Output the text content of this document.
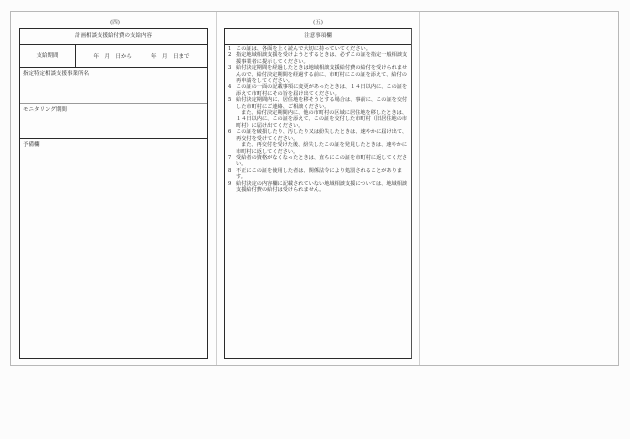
(四)	(五)
計画相談支援給付費の支給内容
支給期間	年　月　日から	年　月　日まで
指定特定相談支援事業所名
モニタリング期間
予備欄
注意事項欄
1 この証は、各面を上く読んで大切に持っていてください。
2 指定地域相談支援を受けようとするときは、必ずこの証を指定一般相談支援事業者に提示してください。
3 給付決定期間を経過したときは地域相談支援給付費の給付を受けられませんので、給付決定期間を経過する前に、市町村にこの証を添えて、給付の再申請をしてください。
4 この証の一面の記載事項に変更があったときは、１４日以内に、この証を添えて市町村にその旨を届け出てください。
5 給付決定期間内に、居住地を移そうとする場合は、事前に、この証を交付した市町村にご連絡、ご相談ください。
また、給付決定期間内に、他の市町村の区域に居住地を移したときは、１４日以内に、この証を添えて、この証を交付した市町村（旧居住地の市町村）に届け出てください。
6 この証を破損したり、汚したり又は紛失したときは、速やかに届け出て、再交付を受けてください。
また、再交付を受けた後、紛失したこの証を発見したときは、速やかに市町村に返してください。
7 受給者の資格がなくなったときは、直ちにこの証を市町村に返してください。
8 不正にこの証を使用した者は、関係法令により処罰されることがあります。
9 給付決定の内容欄に記載されていない地域相談支援については、地域相談支援給付費の給付は受けられません。
